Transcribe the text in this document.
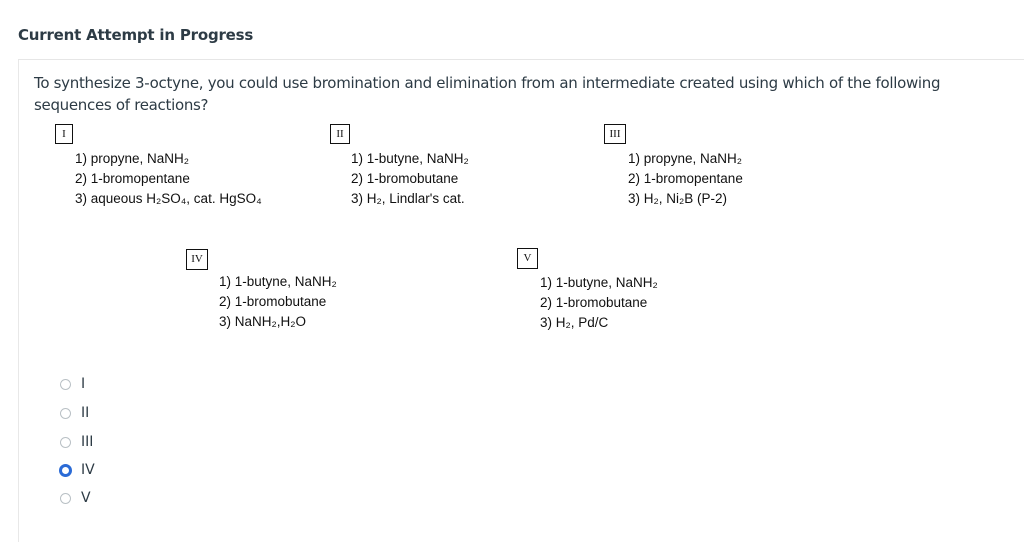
Current Attempt in Progress
To synthesize 3-octyne, you could use bromination and elimination from an intermediate created using which of the following sequences of reactions?
I
1) propyne, NaNH₂
2) 1-bromopentane
3) aqueous H₂SO₄, cat. HgSO₄
II
1) 1-butyne, NaNH₂
2) 1-bromobutane
3) H₂, Lindlar's cat.
III
1) propyne, NaNH₂
2) 1-bromopentane
3) H₂, Ni₂B (P-2)
IV
1) 1-butyne, NaNH₂
2) 1-bromobutane
3) NaNH₂,H₂O
V
1) 1-butyne, NaNH₂
2) 1-bromobutane
3) H₂, Pd/C
I
II
III
IV
V
